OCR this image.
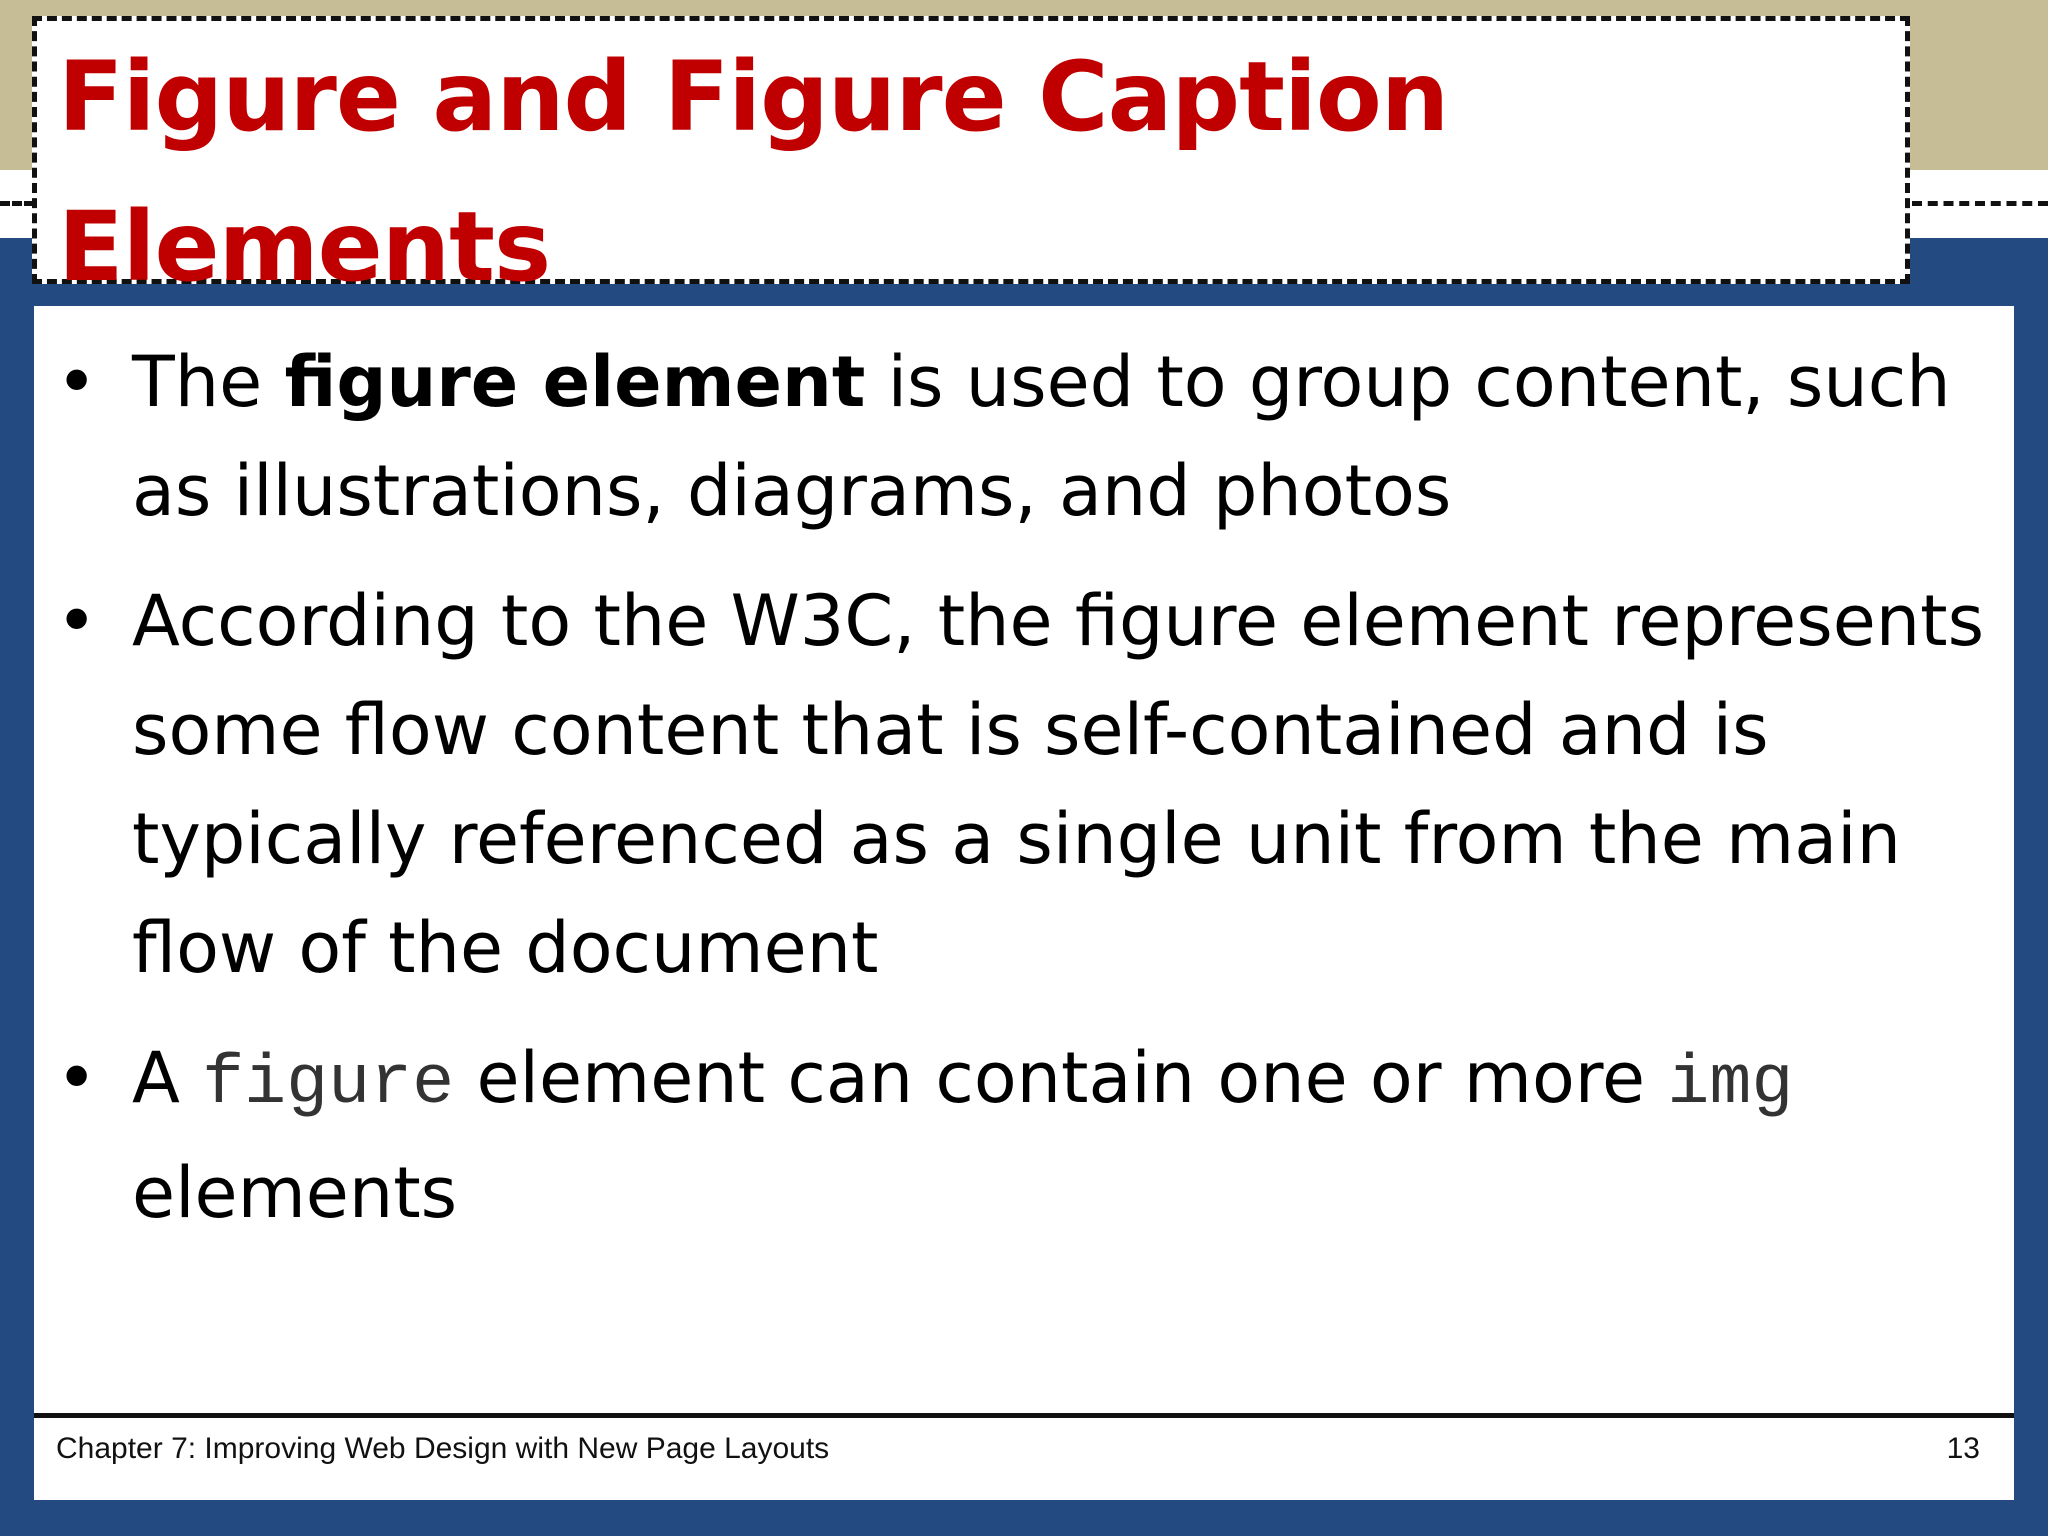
Figure and Figure Caption Elements
• The figure element is used to group content, such as illustrations, diagrams, and photos
• According to the W3C, the figure element represents some flow content that is self-contained and is typically referenced as a single unit from the main flow of the document
• A figure element can contain one or more img elements
Chapter 7: Improving Web Design with New Page Layouts	13
